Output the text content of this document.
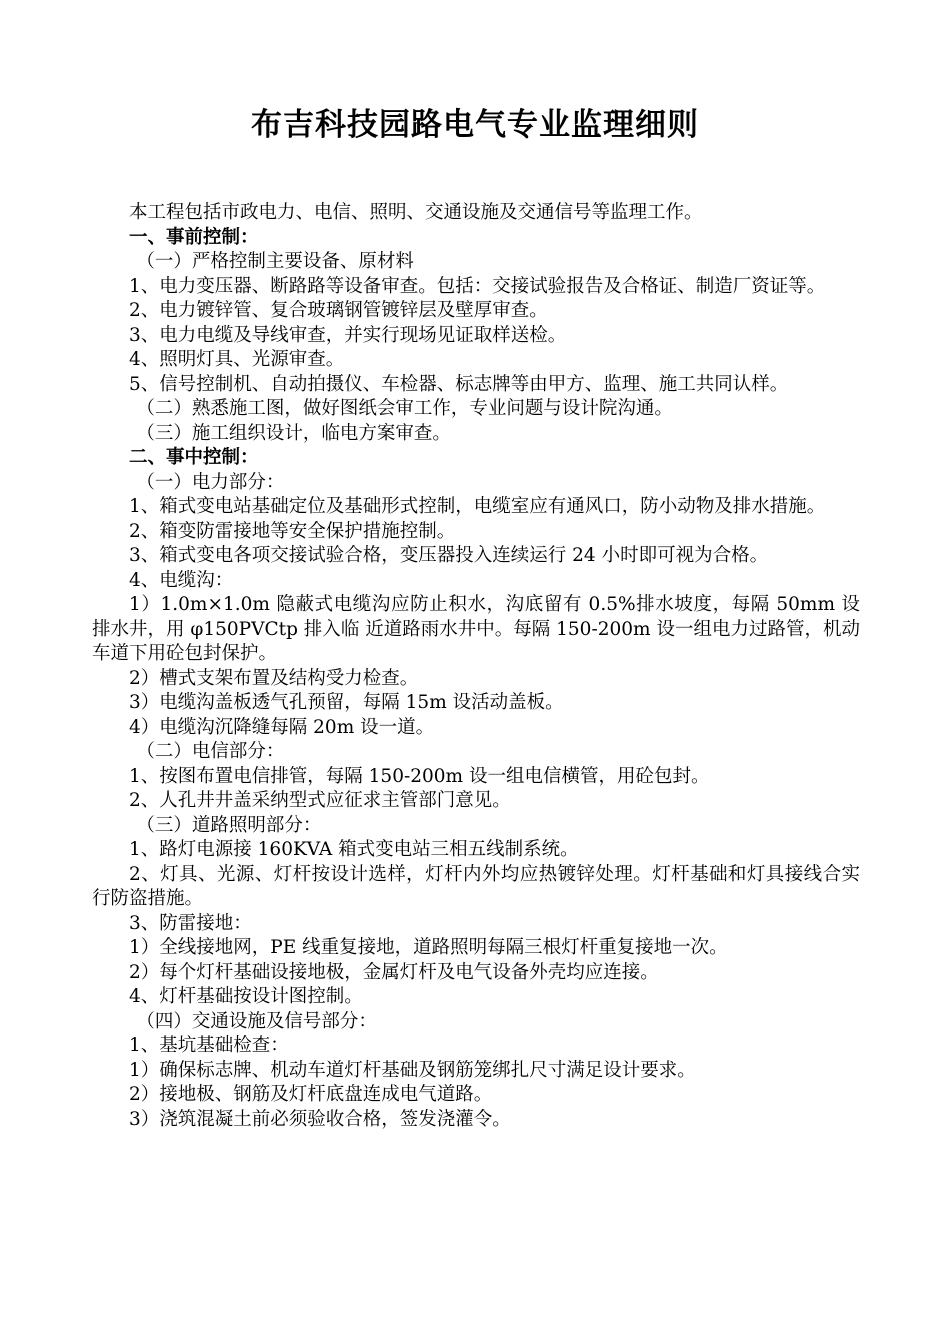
布吉科技园路电气专业监理细则

本工程包括市政电力、电信、照明、交通设施及交通信号等监理工作。

一、事前控制：

（一）严格控制主要设备、原材料

1、电力变压器、断路路等设备审查。包括：交接试验报告及合格证、制造厂资证等。

2、电力镀锌管、复合玻璃钢管镀锌层及壁厚审查。

3、电力电缆及导线审查，并实行现场见证取样送检。

4、照明灯具、光源审查。

5、信号控制机、自动拍摄仪、车检器、标志牌等由甲方、监理、施工共同认样。

（二）熟悉施工图，做好图纸会审工作，专业问题与设计院沟通。

（三）施工组织设计，临电方案审查。

二、事中控制：

（一）电力部分：

1、箱式变电站基础定位及基础形式控制，电缆室应有通风口，防小动物及排水措施。

2、箱变防雷接地等安全保护措施控制。

3、箱式变电各项交接试验合格，变压器投入连续运行 24 小时即可视为合格。

4、电缆沟：

1）1.0m×1.0m 隐蔽式电缆沟应防止积水，沟底留有 0.5%排水坡度，每隔 50mm 设排水井，用 φ150PVCtp 排入临 近道路雨水井中。每隔 150-200m 设一组电力过路管，机动车道下用砼包封保护。

2）槽式支架布置及结构受力检查。

3）电缆沟盖板透气孔预留，每隔 15m 设活动盖板。

4）电缆沟沉降缝每隔 20m 设一道。

（二）电信部分：

1、按图布置电信排管，每隔 150-200m 设一组电信横管，用砼包封。

2、人孔井井盖采纳型式应征求主管部门意见。

（三）道路照明部分：

1、路灯电源接 160KVA 箱式变电站三相五线制系统。

2、灯具、光源、灯杆按设计选样，灯杆内外均应热镀锌处理。灯杆基础和灯具接线合实行防盗措施。

3、防雷接地：

1）全线接地网，PE 线重复接地，道路照明每隔三根灯杆重复接地一次。

2）每个灯杆基础设接地极，金属灯杆及电气设备外壳均应连接。

4、灯杆基础按设计图控制。

（四）交通设施及信号部分：

1、基坑基础检查：

1）确保标志牌、机动车道灯杆基础及钢筋笼绑扎尺寸满足设计要求。

2）接地极、钢筋及灯杆底盘连成电气道路。

3）浇筑混凝土前必须验收合格，签发浇灌令。
